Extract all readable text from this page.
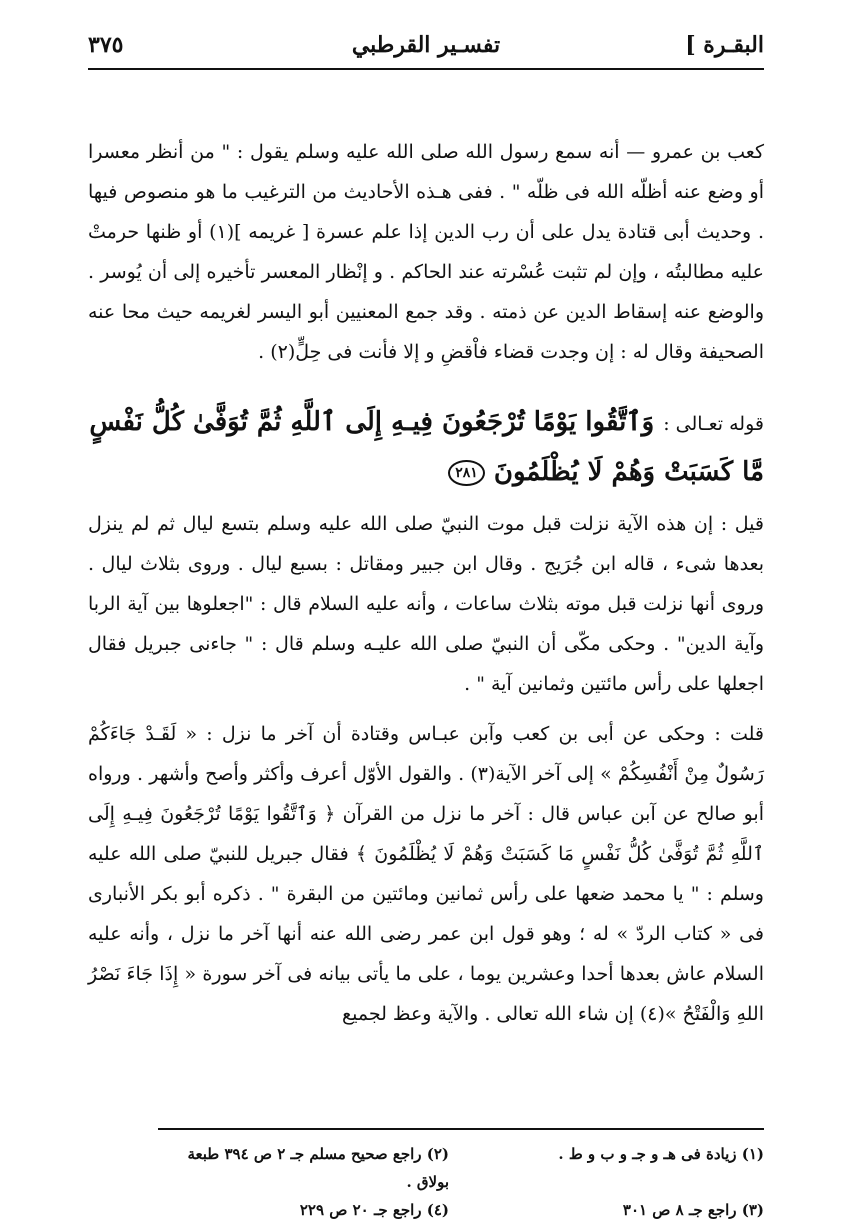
البقـرة ]
تفسـير القرطبي
٣٧٥

كعب بن عمرو — أنه سمع رسول الله صلى الله عليه وسلم يقول : " من أنظر معسرا أو وضع عنه أظلّه الله فى ظلّه " . ففى هـذه الأحاديث من الترغيب ما هو منصوص فيها . وحديث أبى قتادة يدل على أن رب الدين إذا علم عسرة [ غريمه ](١) أو ظنها حرمتْ عليه مطالبتُه ، وإن لم تثبت عُسْرته عند الحاكم . و إنْظار المعسر تأخيره إلى أن يُوسر . والوضع عنه إسقاط الدين عن ذمته . وقد جمع المعنيين أبو اليسر لغريمه حيث محا عنه الصحيفة وقال له : إن وجدت قضاء فاْقضِ و إلا فأنت فى حِلٍّ(٢) .

قوله تعـالى : وَٱتَّقُوا يَوْمًا تُرْجَعُونَ فِيـهِ إِلَى ٱللَّهِ ثُمَّ تُوَفَّىٰ كُلُّ نَفْسٍ مَّا كَسَبَتْ وَهُمْ لَا يُظْلَمُونَ ٢٨١

قيل : إن هذه الآية نزلت قبل موت النبيّ صلى الله عليه وسلم بتسع ليال ثم لم ينزل بعدها شىء ، قاله ابن جُرَيج . وقال ابن جبير ومقاتل : بسبع ليال . وروى بثلاث ليال . وروى أنها نزلت قبل موته بثلاث ساعات ، وأنه عليه السلام قال : "اجعلوها بين آية الربا وآية الدين" . وحكى مكّى أن النبيّ صلى الله عليـه وسلم قال : " جاءنى جبريل فقال اجعلها على رأس مائتين وثمانين آية " .

قلت : وحكى عن أبى بن كعب وآبن عبـاس وقتادة أن آخر ما نزل : « لَقَـدْ جَاءَكُمْ رَسُولٌ مِنْ أَنْفُسِكُمْ » إلى آخر الآية(٣) . والقول الأوّل أعرف وأكثر وأصح وأشهر . ورواه أبو صالح عن آبن عباس قال : آخر ما نزل من القرآن ﴿ وَٱتَّقُوا يَوْمًا تُرْجَعُونَ فِيـهِ إِلَى ٱللَّهِ ثُمَّ تُوَفَّىٰ كُلُّ نَفْسٍ مَا كَسَبَتْ وَهُمْ لَا يُظْلَمُونَ ﴾ فقال جبريل للنبيّ صلى الله عليه وسلم : " يا محمد ضعها على رأس ثمانين ومائتين من البقرة " . ذكره أبو بكر الأنبارى فى « كتاب الردّ » له ؛ وهو قول ابن عمر رضى الله عنه أنها آخر ما نزل ، وأنه عليه السلام عاش بعدها أحدا وعشرين يوما ، على ما يأتى بيانه فى آخر سورة « إِذَا جَاءَ نَصْرُ اللهِ وَالْفَتْحُ »(٤) إن شاء الله تعالى . والآية وعظ لجميع

(١) زيادة فى هـ و جـ و ب و ط .
(٢) راجع صحيح مسلم جـ ٢ ص ٣٩٤ طبعة بولاق .
(٣) راجع جـ ٨ ص ٣٠١
(٤) راجع جـ ٢٠ ص ٢٢٩
